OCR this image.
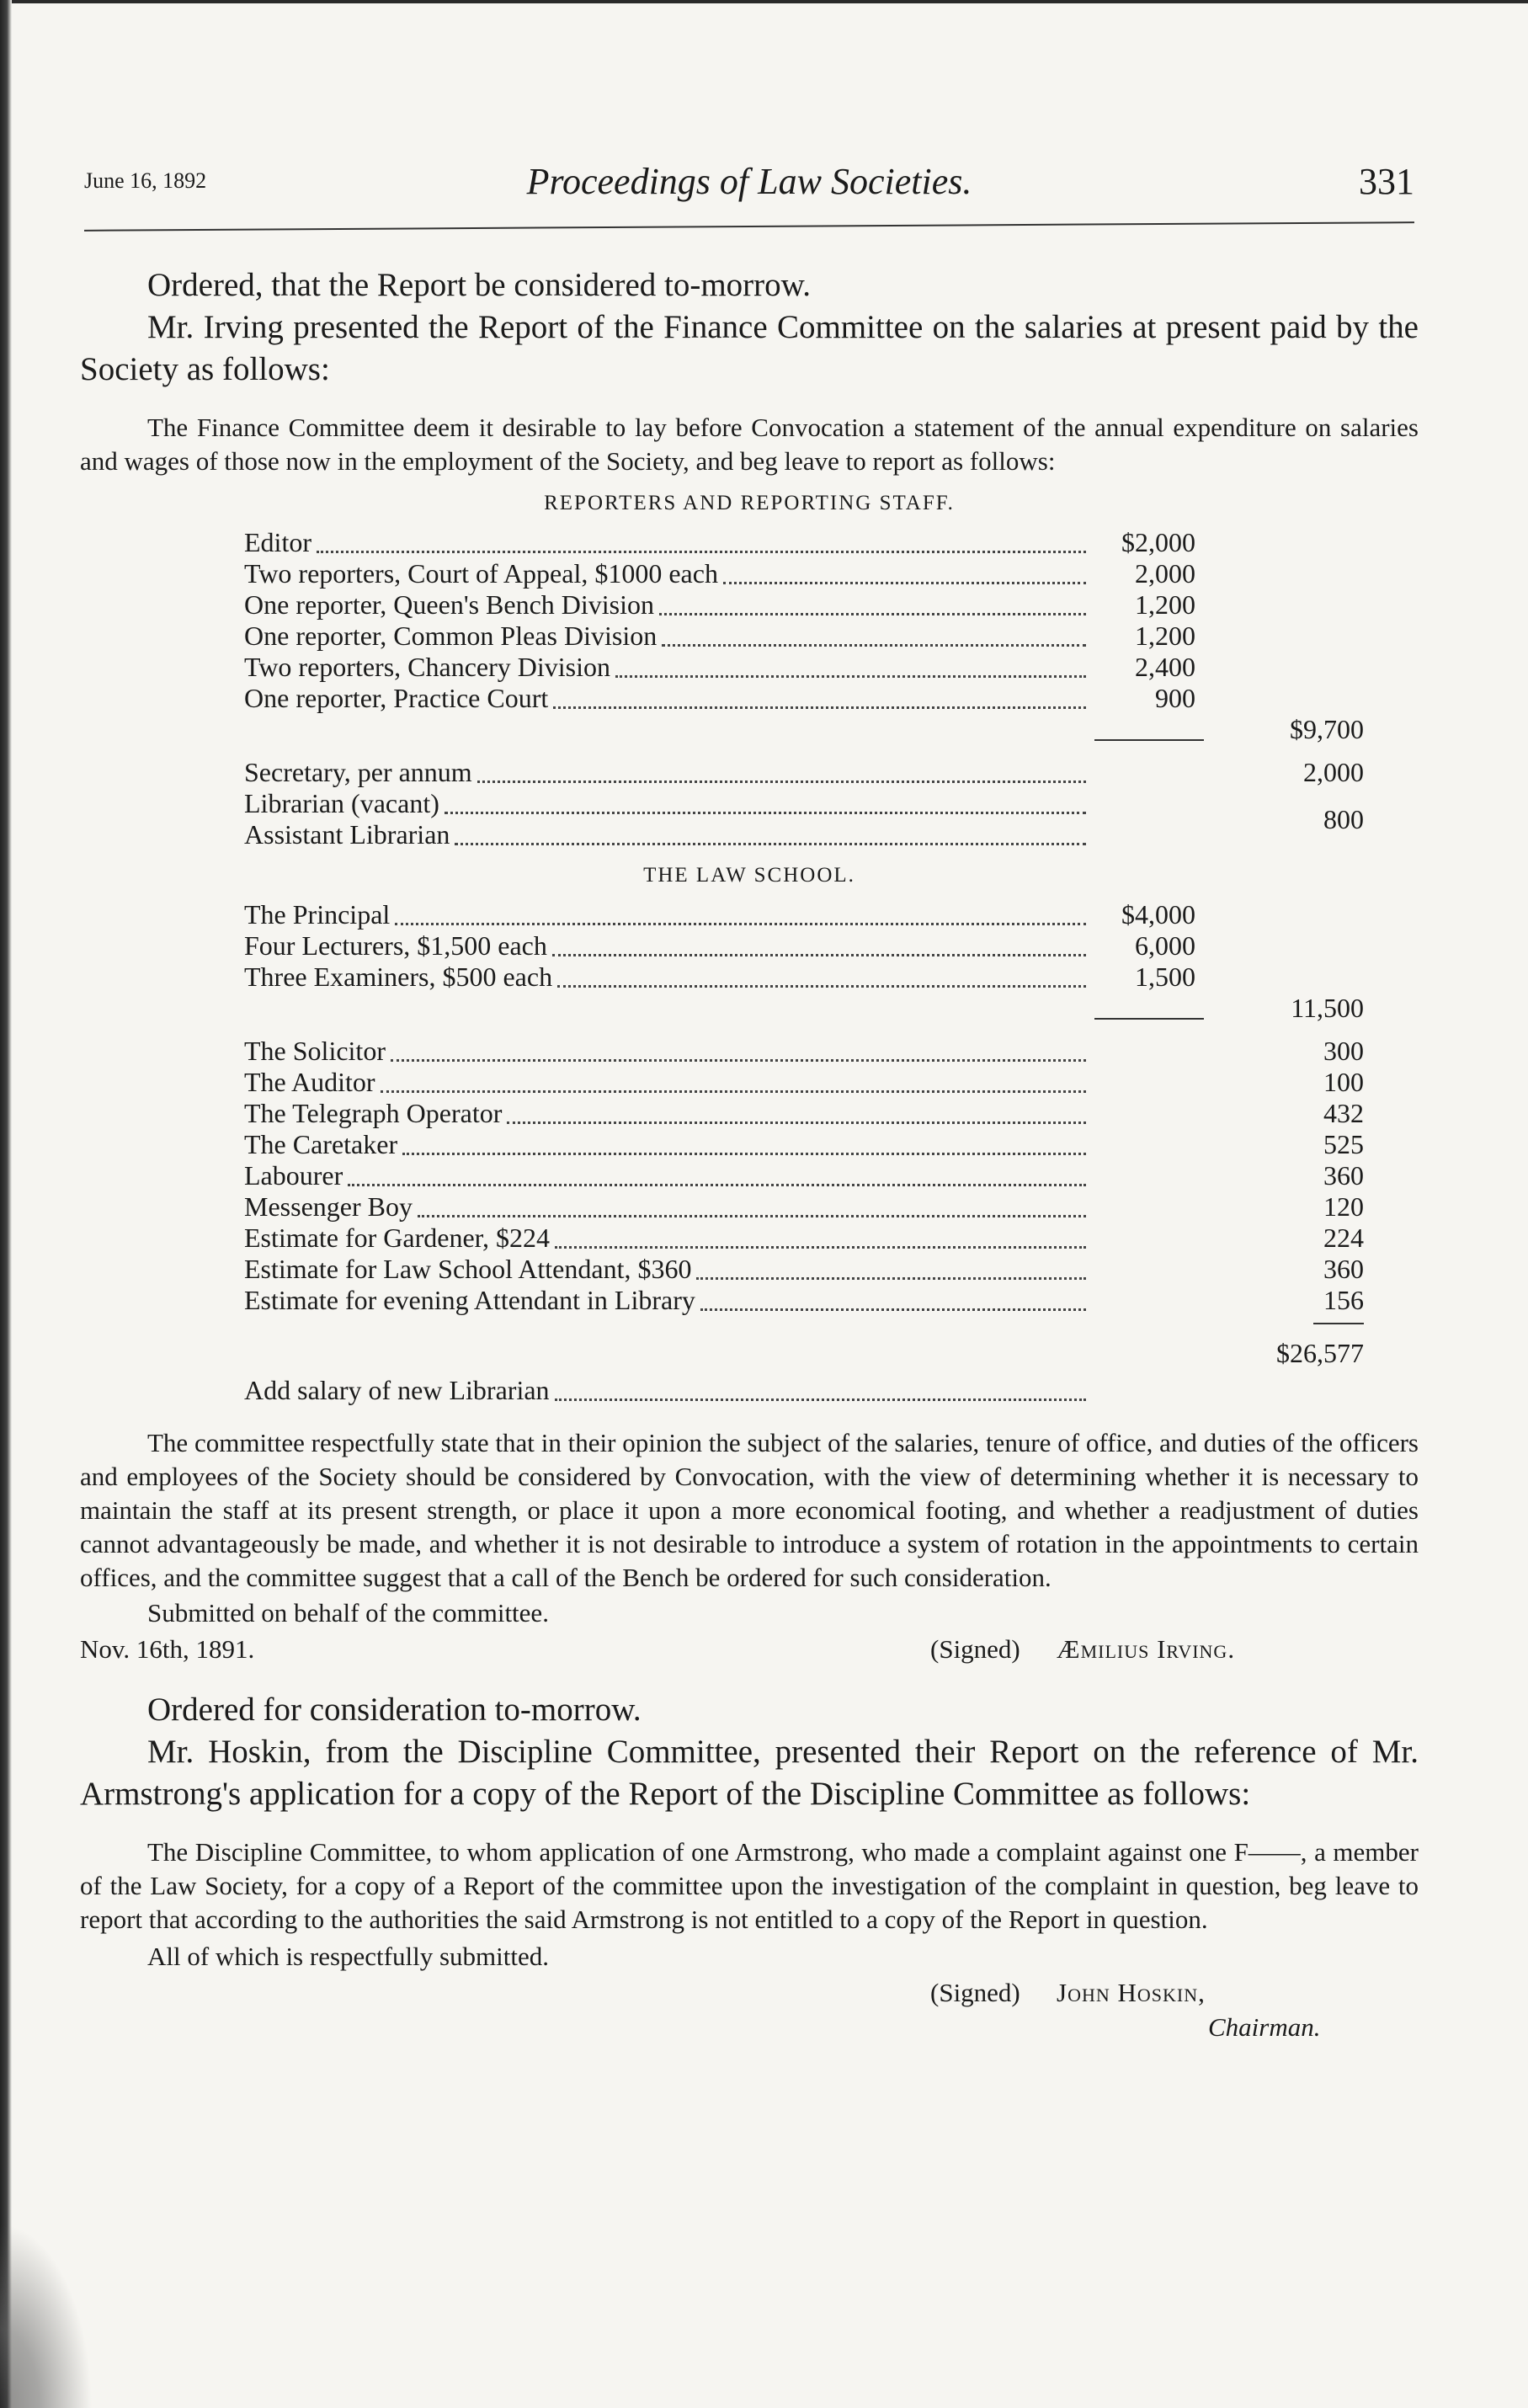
June 16, 1892	Proceedings of Law Societies.	331

Ordered, that the Report be considered to-morrow.

Mr. Irving presented the Report of the Finance Committee on the salaries at present paid by the Society as follows:

The Finance Committee deem it desirable to lay before Convocation a statement of the annual expenditure on salaries and wages of those now in the employment of the Society, and beg leave to report as follows:

REPORTERS AND REPORTING STAFF.
Editor	$2,000
Two reporters, Court of Appeal, $1000 each	2,000
One reporter, Queen's Bench Division	1,200
One reporter, Common Pleas Division	1,200
Two reporters, Chancery Division	2,400
One reporter, Practice Court	900
$9,700
Secretary, per annum	2,000
Librarian (vacant)
Assistant Librarian	800
THE LAW SCHOOL.
The Principal	$4,000
Four Lecturers, $1,500 each	6,000
Three Examiners, $500 each	1,500
11,500
The Solicitor	300
The Auditor	100
The Telegraph Operator	432
The Caretaker	525
Labourer	360
Messenger Boy	120
Estimate for Gardener, $224	224
Estimate for Law School Attendant, $360	360
Estimate for evening Attendant in Library	156
$26,577
Add salary of new Librarian

The committee respectfully state that in their opinion the subject of the salaries, tenure of office, and duties of the officers and employees of the Society should be considered by Convocation, with the view of determining whether it is necessary to maintain the staff at its present strength, or place it upon a more economical footing, and whether a readjustment of duties cannot advantageously be made, and whether it is not desirable to introduce a system of rotation in the appointments to certain offices, and the committee suggest that a call of the Bench be ordered for such consideration.

Submitted on behalf of the committee.

Nov. 16th, 1891.	(Signed) Æmilius Irving.

Ordered for consideration to-morrow.

Mr. Hoskin, from the Discipline Committee, presented their Report on the reference of Mr. Armstrong's application for a copy of the Report of the Discipline Committee as follows:

The Discipline Committee, to whom application of one Armstrong, who made a complaint against one F——, a member of the Law Society, for a copy of a Report of the committee upon the investigation of the complaint in question, beg leave to report that according to the authorities the said Armstrong is not entitled to a copy of the Report in question.

All of which is respectfully submitted.

(Signed) John Hoskin,
Chairman.
